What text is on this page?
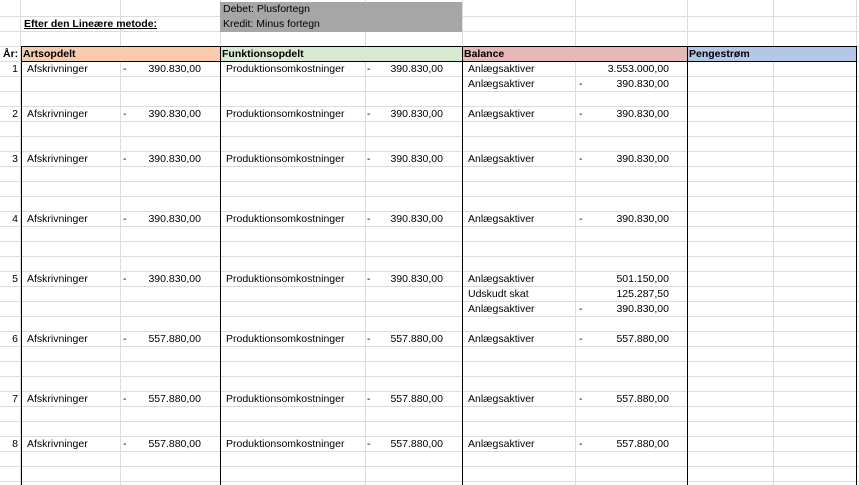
Efter den Lineære metode:
Debet: Plusfortegn
Kredit: Minus fortegn
År: Artsopdelt	Funktionsopdelt	Balance	Pengestrøm
1 Afskrivninger	-	390.830,00 Produktionsomkostninger -	390.830,00 Anlægsaktiver	3.553.000,00
Anlægsaktiver	-	390.830,00
2 Afskrivninger	-	390.830,00 Produktionsomkostninger -	390.830,00 Anlægsaktiver	-	390.830,00
3 Afskrivninger	-	390.830,00 Produktionsomkostninger -	390.830,00 Anlægsaktiver	-	390.830,00
4 Afskrivninger	-	390.830,00 Produktionsomkostninger -	390.830,00 Anlægsaktiver	-	390.830,00
5 Afskrivninger	-	390.830,00 Produktionsomkostninger -	390.830,00 Anlægsaktiver	501.150,00
Udskudt skat	125.287,50
Anlægsaktiver	-	390.830,00
6 Afskrivninger	-	557.880,00 Produktionsomkostninger -	557.880,00 Anlægsaktiver	-	557.880,00
7 Afskrivninger	-	557.880,00 Produktionsomkostninger -	557.880,00 Anlægsaktiver	-	557.880,00
8 Afskrivninger	-	557.880,00 Produktionsomkostninger -	557.880,00 Anlægsaktiver	-	557.880,00
